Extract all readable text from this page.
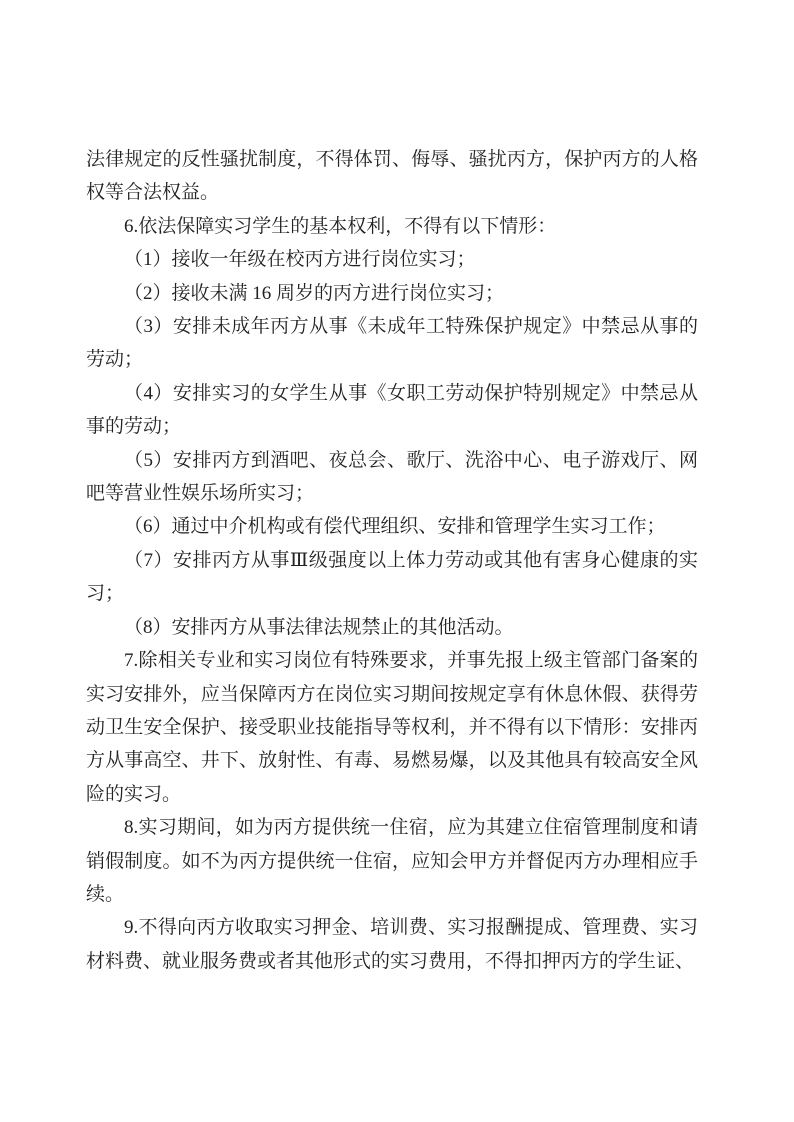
法律规定的反性骚扰制度，不得体罚、侮辱、骚扰丙方，保护丙方的人格权等合法权益。

6.依法保障实习学生的基本权利，不得有以下情形：

（1）接收一年级在校丙方进行岗位实习；

（2）接收未满 16 周岁的丙方进行岗位实习；

（3）安排未成年丙方从事《未成年工特殊保护规定》中禁忌从事的劳动；

（4）安排实习的女学生从事《女职工劳动保护特别规定》中禁忌从事的劳动；

（5）安排丙方到酒吧、夜总会、歌厅、洗浴中心、电子游戏厅、网吧等营业性娱乐场所实习；

（6）通过中介机构或有偿代理组织、安排和管理学生实习工作；

（7）安排丙方从事Ⅲ级强度以上体力劳动或其他有害身心健康的实习；

（8）安排丙方从事法律法规禁止的其他活动。

7.除相关专业和实习岗位有特殊要求，并事先报上级主管部门备案的实习安排外，应当保障丙方在岗位实习期间按规定享有休息休假、获得劳动卫生安全保护、接受职业技能指导等权利，并不得有以下情形：安排丙方从事高空、井下、放射性、有毒、易燃易爆，以及其他具有较高安全风险的实习。

8.实习期间，如为丙方提供统一住宿，应为其建立住宿管理制度和请销假制度。如不为丙方提供统一住宿，应知会甲方并督促丙方办理相应手续。

9.不得向丙方收取实习押金、培训费、实习报酬提成、管理费、实习材料费、就业服务费或者其他形式的实习费用，不得扣押丙方的学生证、
